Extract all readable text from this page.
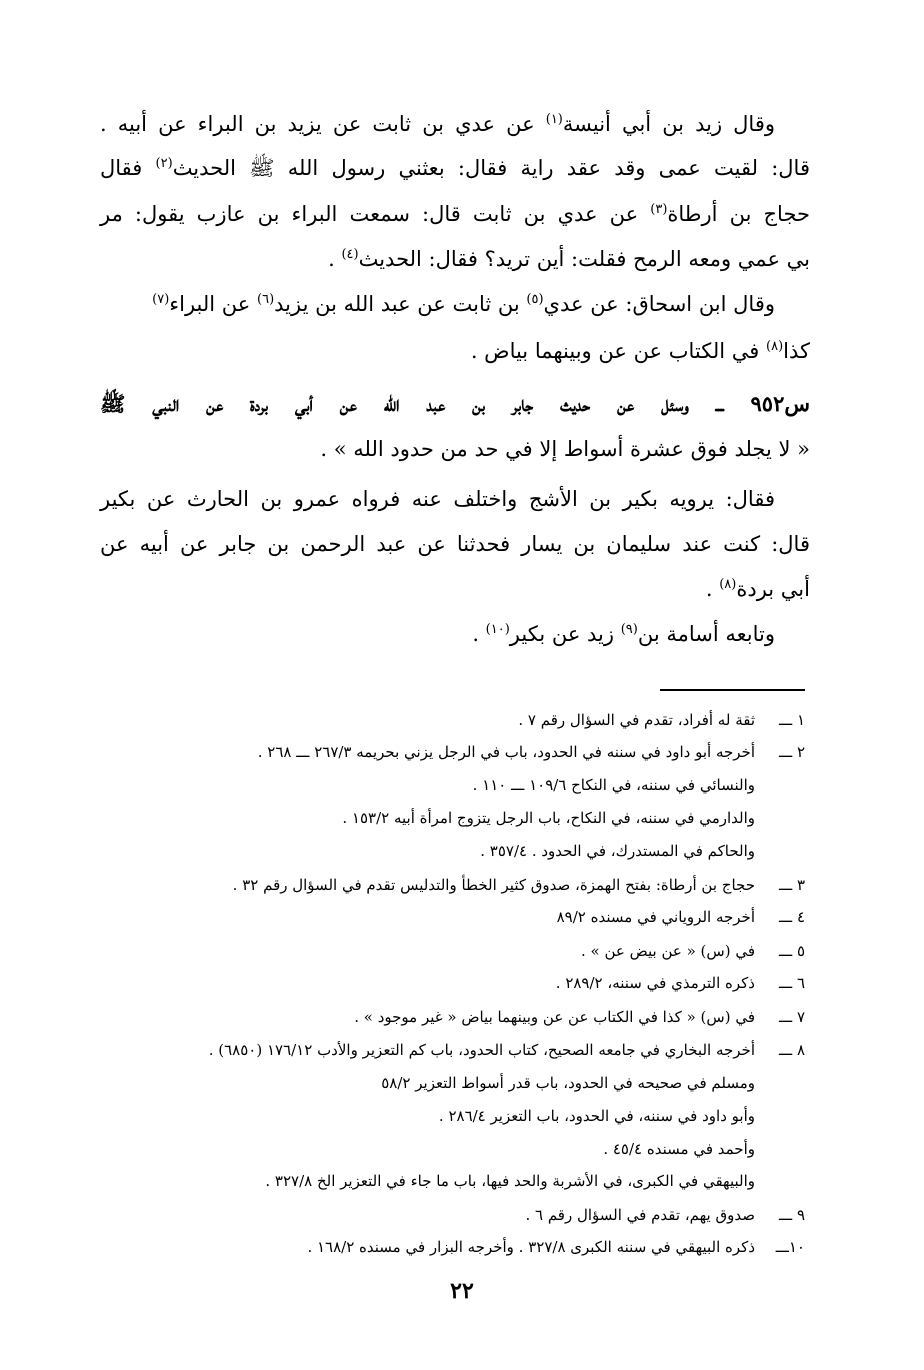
وقال زيد بن أبي أنيسة$^{(١)}$ عن عدي بن ثابت عن يزيد بن البراء عن أبيه .
قال: لقيت عمى وقد عقد راية فقال: بعثني رسول الله ﷺ الحديث$^{(٢)}$ فقال
حجاج بن أرطاة$^{(٣)}$ عن عدي بن ثابت قال: سمعت البراء بن عازب يقول: مر
بي عمي ومعه الرمح فقلت: أين تريد؟ فقال: الحديث$^{(٤)}$ .
وقال ابن اسحاق: عن عدي$^{(٥)}$ بن ثابت عن عبد الله بن يزيد$^{(٦)}$ عن البراء$^{(٧)}$
كذا$^{(٨)}$ في الكتاب عن عن وبينهما بياض .
س٩٥٢ ـــ وسئل عن حديث جابر بن عبد الله عن أبي بردة عن النبي ﷺ
« لا يجلد فوق عشرة أسواط إلا في حد من حدود الله » .
فقال: يرويه بكير بن الأشج واختلف عنه فرواه عمرو بن الحارث عن بكير
قال: كنت عند سليمان بن يسار فحدثنا عن عبد الرحمن بن جابر عن أبيه عن
أبي بردة$^{(٨)}$ .
وتابعه أسامة بن$^{(٩)}$ زيد عن بكير$^{(١٠)}$ .
١ ـــثقة له أفراد، تقدم في السؤال رقم ٧ .
٢ ـــأخرجه أبو داود في سننه في الحدود، باب في الرجل يزني بحريمه ٢٦٧/٣ ـــ ٢٦٨ .
والنسائي في سننه، في النكاح ١٠٩/٦ ـــ ١١٠ .
والدارمي في سننه، في النكاح، باب الرجل يتزوج امرأة أبيه ١٥٣/٢ .
والحاكم في المستدرك، في الحدود . ٣٥٧/٤ .
٣ ـــحجاج بن أرطاة: بفتح الهمزة، صدوق كثير الخطأ والتدليس تقدم في السؤال رقم ٣٢ .
٤ ـــأخرجه الروياني في مسنده ٨٩/٢
٥ ـــفي (س) « عن بيض عن » .
٦ ـــذكره الترمذي في سننه، ٢٨٩/٢ .
٧ ـــفي (س) « كذا في الكتاب عن عن وبينهما بياض « غير موجود » .
٨ ـــأخرجه البخاري في جامعه الصحيح، كتاب الحدود، باب كم التعزير والأدب ١٧٦/١٢ (٦٨٥٠) .
ومسلم في صحيحه في الحدود، باب قدر أسواط التعزير ٥٨/٢
وأبو داود في سننه، في الحدود، باب التعزير ٢٨٦/٤ .
وأحمد في مسنده ٤٥/٤ .
والبيهقي في الكبرى، في الأشربة والحد فيها، باب ما جاء في التعزير الخ ٣٢٧/٨ .
٩ ـــصدوق يهم، تقدم في السؤال رقم ٦ .
١٠ـــذكره البيهقي في سننه الكبرى ٣٢٧/٨ . وأخرجه البزار في مسنده ١٦٨/٢ .
٢٢
